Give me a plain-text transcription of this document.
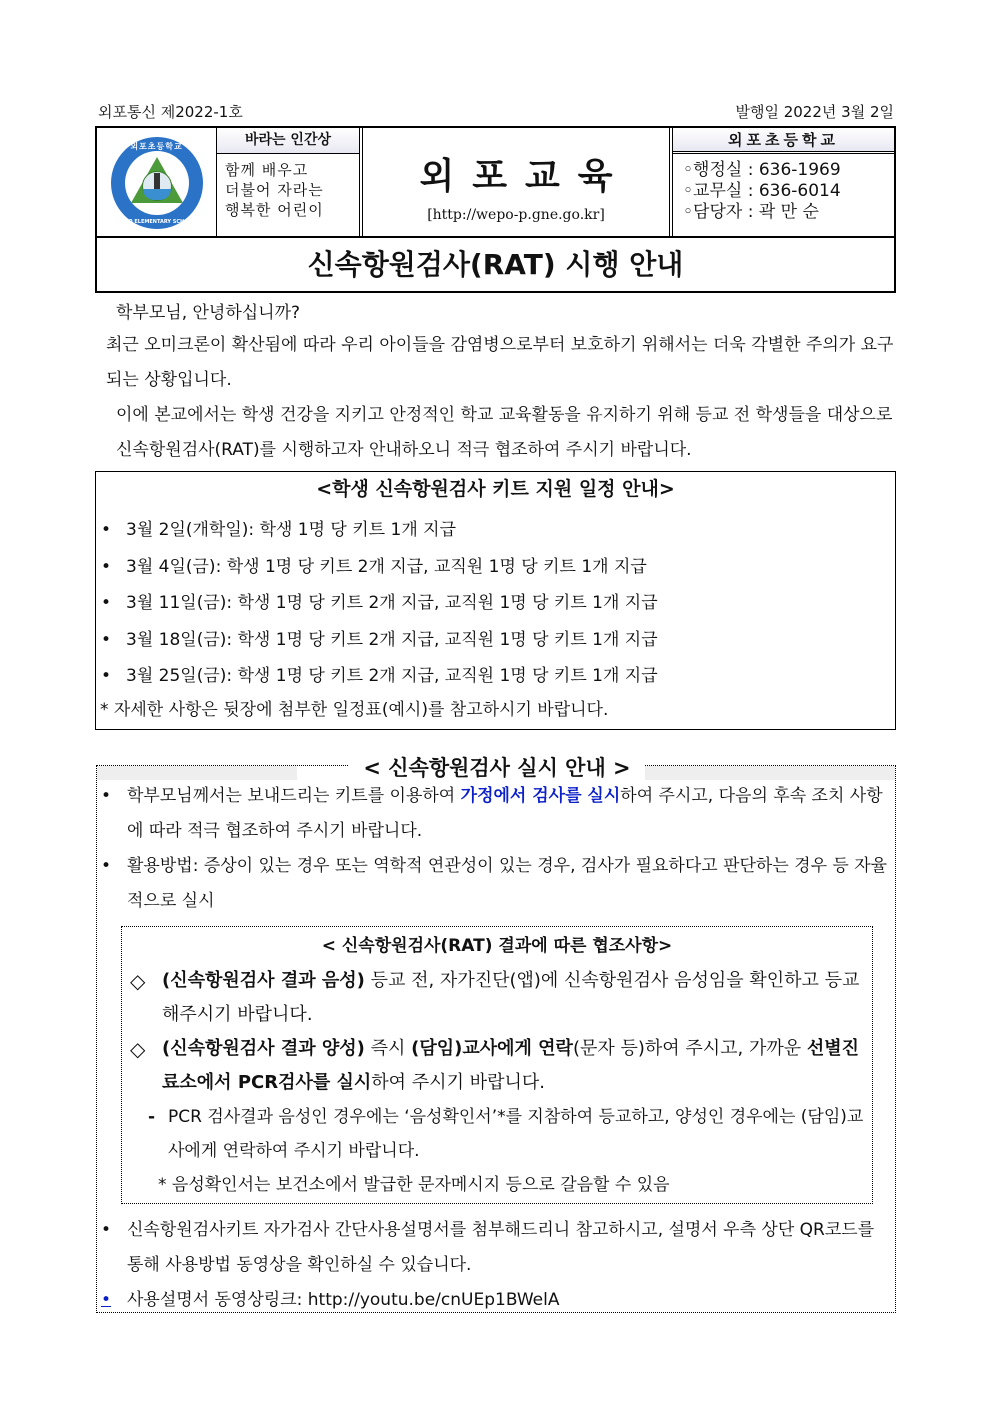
외포통신 제2022-1호	발행일 2022년 3월 2일
외포초등학교
OEPO ELEMENTARY SCHOOL
바라는 인간상
함께 배우고
더불어 자라는
행복한 어린이
외포교육
[http://wepo-p.gne.go.kr]
외포초등학교
◦행정실 : 636-1969
◦교무실 : 636-6014
◦담당자 : 곽 만 순
신속항원검사(RAT) 시행 안내

학부모님, 안녕하십니까?

최근 오미크론이 확산됨에 따라 우리 아이들을 감염병으로부터 보호하기 위해서는 더욱 각별한 주의가 요구되는 상황입니다.

이에 본교에서는 학생 건강을 지키고 안정적인 학교 교육활동을 유지하기 위해 등교 전 학생들을 대상으로 신속항원검사(RAT)를 시행하고자 안내하오니 적극 협조하여 주시기 바랍니다.

<학생 신속항원검사 키트 지원 일정 안내>
• 3월 2일(개학일): 학생 1명 당 키트 1개 지급
• 3월 4일(금): 학생 1명 당 키트 2개 지급, 교직원 1명 당 키트 1개 지급
• 3월 11일(금): 학생 1명 당 키트 2개 지급, 교직원 1명 당 키트 1개 지급
• 3월 18일(금): 학생 1명 당 키트 2개 지급, 교직원 1명 당 키트 1개 지급
• 3월 25일(금): 학생 1명 당 키트 2개 지급, 교직원 1명 당 키트 1개 지급
* 자세한 사항은 뒷장에 첨부한 일정표(예시)를 참고하시기 바랍니다.
< 신속항원검사 실시 안내 >
• 학부모님께서는 보내드리는 키트를 이용하여 가정에서 검사를 실시하여 주시고, 다음의 후속 조치 사항에 따라 적극 협조하여 주시기 바랍니다.
• 활용방법: 증상이 있는 경우 또는 역학적 연관성이 있는 경우, 검사가 필요하다고 판단하는 경우 등 자율적으로 실시
< 신속항원검사(RAT) 결과에 따른 협조사항>
◇ (신속항원검사 결과 음성) 등교 전, 자가진단(앱)에 신속항원검사 음성임을 확인하고 등교해주시기 바랍니다.
◇ (신속항원검사 결과 양성) 즉시 (담임)교사에게 연락(문자 등)하여 주시고, 가까운 선별진료소에서 PCR검사를 실시하여 주시기 바랍니다.
- PCR 검사결과 음성인 경우에는 ‘음성확인서’*를 지참하여 등교하고, 양성인 경우에는 (담임)교사에게 연락하여 주시기 바랍니다.
* 음성확인서는 보건소에서 발급한 문자메시지 등으로 갈음할 수 있음
• 신속항원검사키트 자가검사 간단사용설명서를 첨부해드리니 참고하시고, 설명서 우측 상단 QR코드를 통해 사용방법 동영상을 확인하실 수 있습니다.
• 사용설명서 동영상링크: http://youtu.be/cnUEp1BWelA
